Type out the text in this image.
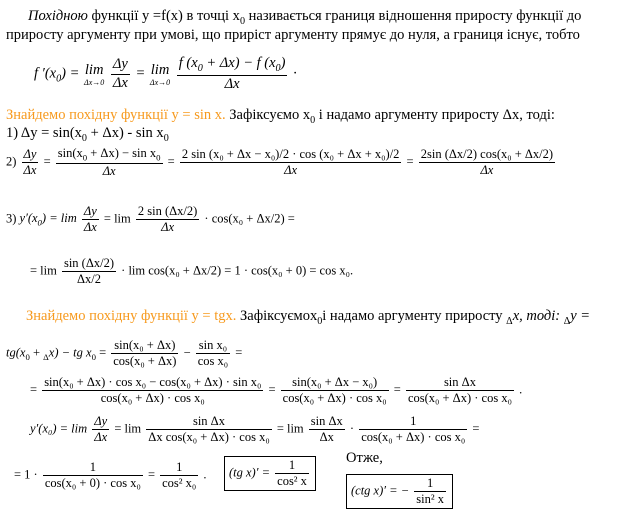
Похідною функції y =f(x) в точці $x_0$ називається границя відношення приросту функції до
приросту аргументу при умові, що приріст аргументу прямує до нуля, а границя існує, тобто
f $'(x_0) = \lim$
Δx→0
$\frac{\Delta y}{\Delta x} = \lim$
Δx→0
$\frac{f (x_0 + \Delta x) - f (x_0)}{\Delta x}$ ·
Знайдемо похідну функції y = sin x. Зафіксуємо $x_0$ і надамо аргументу приросту Δx, тоді:
1) $\Delta y = \sin(x_0 + \Delta x) - \sin x_0$
$2) \frac{\Delta y}{\Delta x} = \frac{\sin(x_0 + \Delta x) - \sin x_0}{\Delta x} = \frac{\text{2 sin (x₀ + Δx − x₀)/2 · cos (x₀ + Δx + x₀)/2}}{\Delta x} = \frac{\text{2sin (Δx/2) cos(x₀ + Δx/2)}}{\Delta x}$
3) $y'(x_0) = \lim \frac{\Delta y}{\Delta x} = \lim \frac{2 \sin (\Delta x/2)}{\Delta x} \cdot \cos(x_0 + \Delta x/2)$ =
= $\lim \frac{\sin (\Delta x/2)}{\Delta x/2} \cdot \lim \cos(x_0 + \Delta x/2) = 1 \cdot \cos(x_0 + 0) = \cos x_0$.
Знайдемо похідну функції y = tgx. Зафіксуємоx$_0$і надамо аргументу приросту $_\Delta$x, тоді: $_\Delta$y =
$tg(x_0 + _\Delta x)$ − tg $x_0 = \frac{\text{sin(x₀ + Δx)}}{\text{cos(x₀ + Δx)}} - \frac{\text{sin x₀}}{\text{cos x₀}}$ =
= $\frac{\text{sin(x₀ + Δx) · cos x₀ − cos(x₀ + Δx) · sin x₀}}{\text{cos(x₀ + Δx) · cos x₀}} = \frac{\text{sin(x₀ + Δx − x₀)}}{\text{cos(x₀ + Δx) · cos x₀}} = \frac{\text{sin Δx}}{\text{cos(x₀ + Δx) · cos x₀}}$ .
$y'(x_0) = \lim \frac{\Delta y}{\Delta x} = \lim \frac{\text{sin Δx}}{\text{Δx cos(x₀ + Δx) · cos x₀}} = \lim \frac{\text{sin Δx}}{\Delta x} \cdot \frac{1}{\text{cos(x₀ + Δx) · cos x₀}}$ =
= $1 \cdot \frac{1}{\text{cos(x₀ + 0) · cos x₀}} = \frac{1}{\text{cos² x₀}}$ .	(tg $x)' = \frac{1}{\text{cos² x}}$	Отже,
(ctg x)′ = − $\frac{1}{\text{sin² x}}$
